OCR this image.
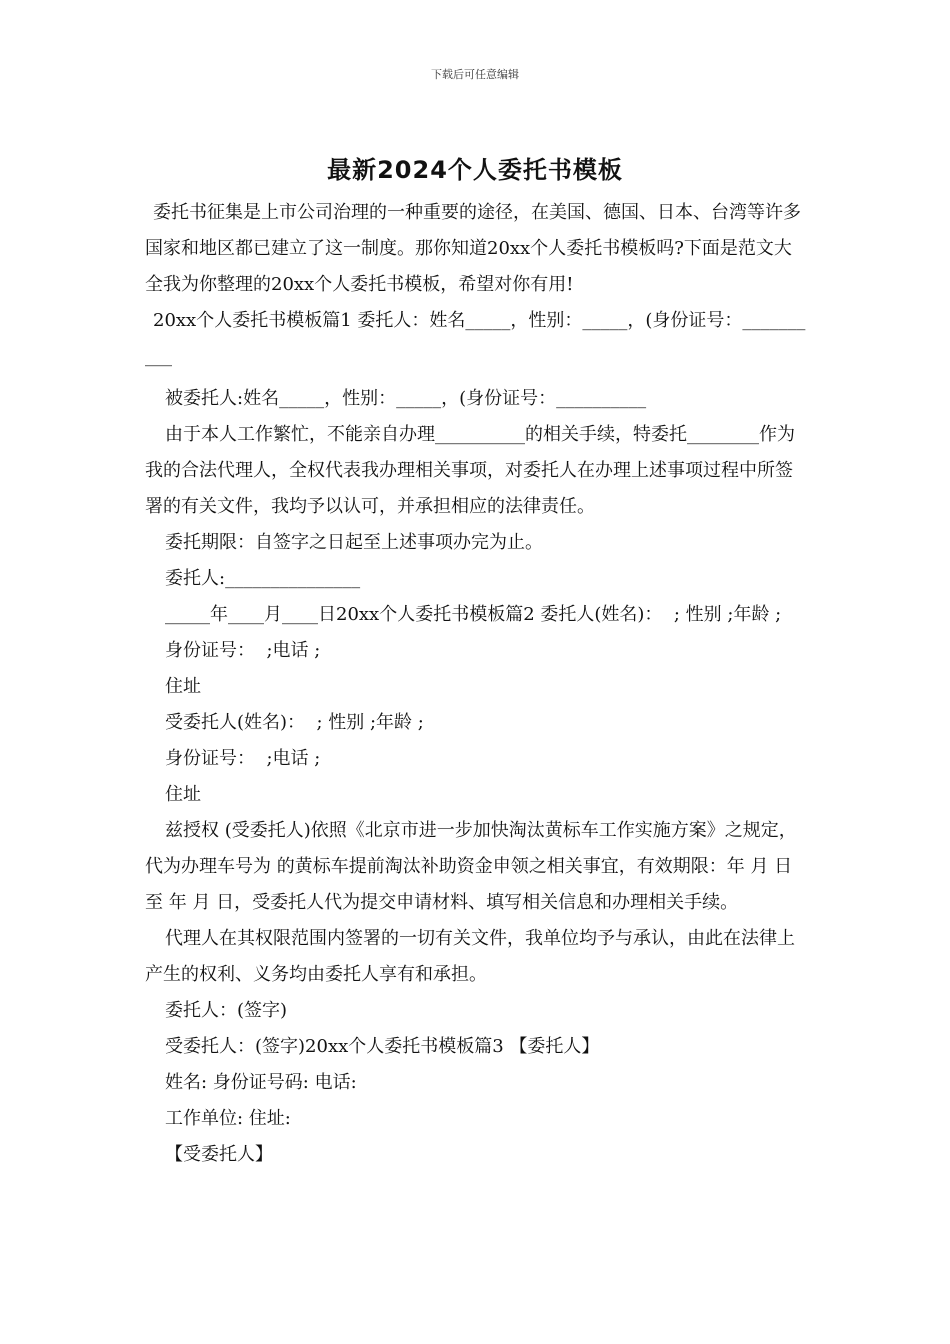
下载后可任意编辑
最新2024个人委托书模板

委托书征集是上市公司治理的一种重要的途径，在美国、德国、日本、台湾等许多国家和地区都已建立了这一制度。那你知道20xx个人委托书模板吗?下面是范文大全我为你整理的20xx个人委托书模板，希望对你有用!

20xx个人委托书模板篇1 委托人：姓名_____，性别：_____，(身份证号：__________

被委托人:姓名_____，性别：_____，(身份证号：__________

由于本人工作繁忙，不能亲自办理__________的相关手续，特委托________作为我的合法代理人，全权代表我办理相关事项，对委托人在办理上述事项过程中所签署的有关文件，我均予以认可，并承担相应的法律责任。

委托期限：自签字之日起至上述事项办完为止。

委托人:_______________

_____年____月____日20xx个人委托书模板篇2 委托人(姓名)：  ; 性别 ;年龄 ;

身份证号：  ;电话 ;

住址

受委托人(姓名)：  ; 性别 ;年龄 ;

身份证号：  ;电话 ;

住址

兹授权 (受委托人)依照《北京市进一步加快淘汰黄标车工作实施方案》之规定，代为办理车号为 的黄标车提前淘汰补助资金申领之相关事宜，有效期限：年 月 日至 年 月 日，受委托人代为提交申请材料、填写相关信息和办理相关手续。

代理人在其权限范围内签署的一切有关文件，我单位均予与承认，由此在法律上产生的权利、义务均由委托人享有和承担。

委托人：(签字)

受委托人：(签字)20xx个人委托书模板篇3 【委托人】

姓名: 身份证号码: 电话:

工作单位: 住址:

【受委托人】
